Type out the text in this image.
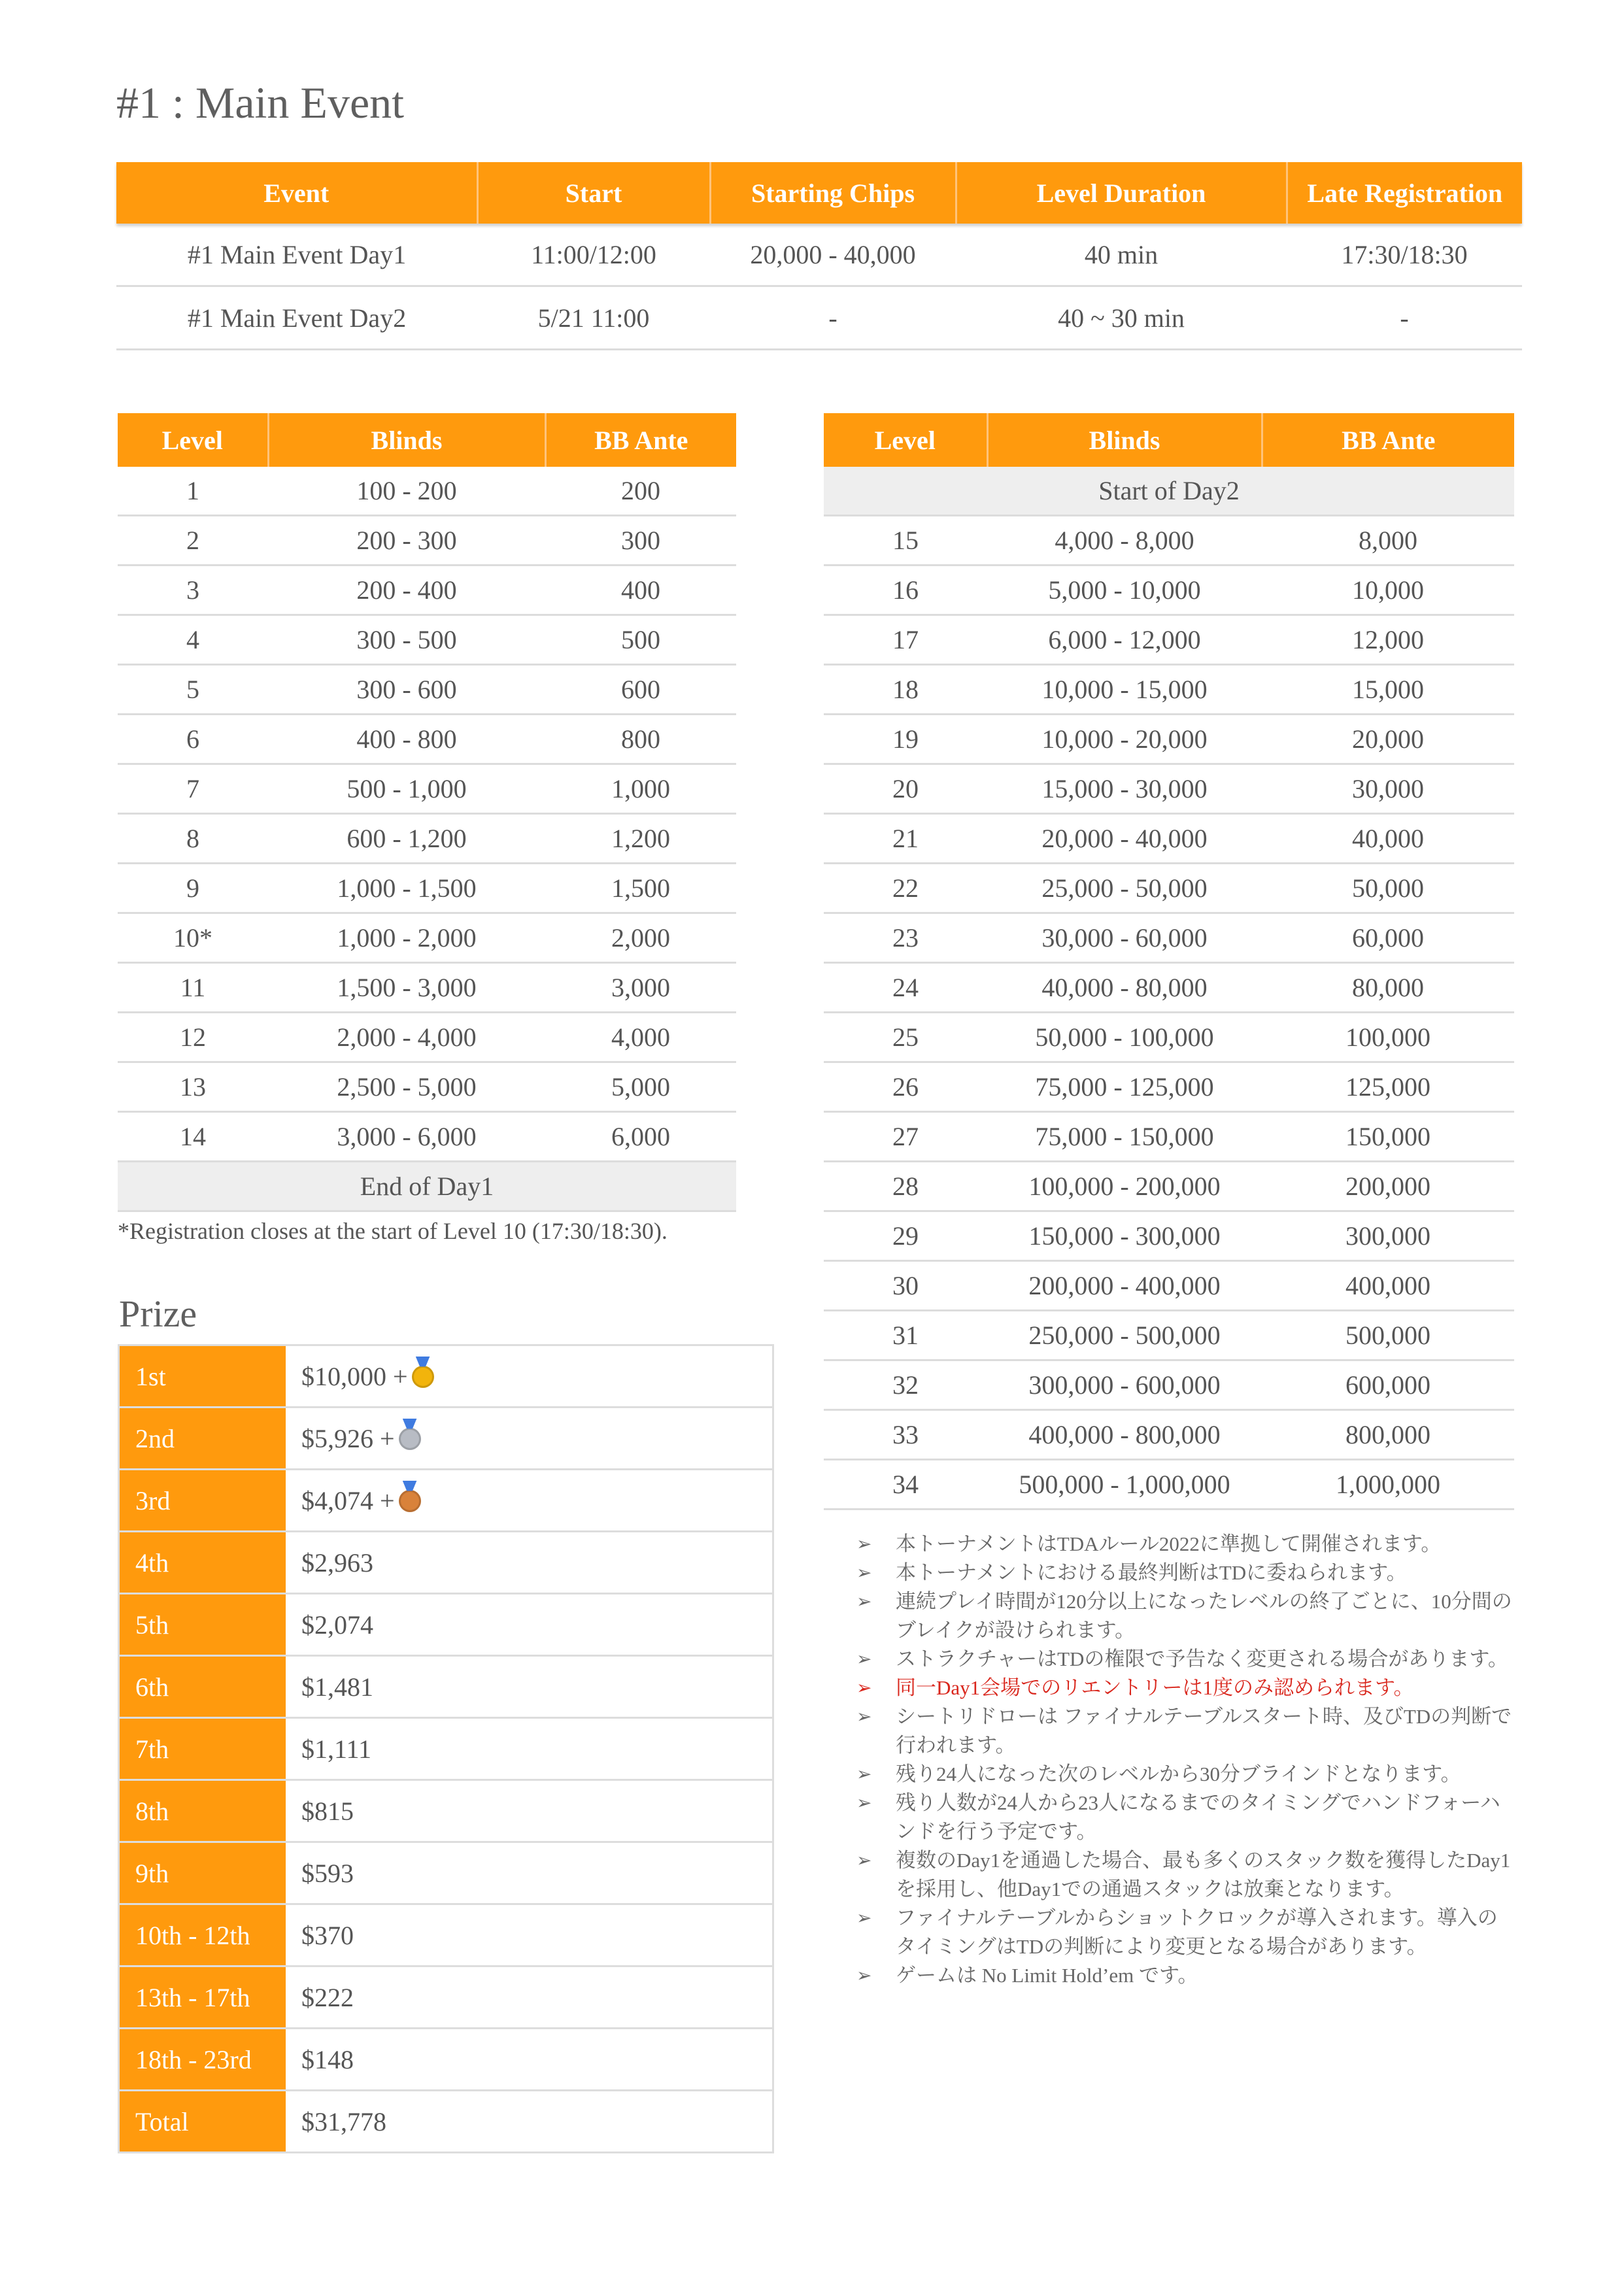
#1 : Main Event
Event	Start	Starting Chips	Level Duration	Late Registration
#1 Main Event Day1	11:00/12:00	20,000 - 40,000	40 min	17:30/18:30
#1 Main Event Day2	5/21 11:00	-	40 ~ 30 min	-
Level	Blinds	BB Ante
1	100 - 200	200
2	200 - 300	300
3	200 - 400	400
4	300 - 500	500
5	300 - 600	600
6	400 - 800	800
7	500 - 1,000	1,000
8	600 - 1,200	1,200
9	1,000 - 1,500	1,500
10*	1,000 - 2,000	2,000
11	1,500 - 3,000	3,000
12	2,000 - 4,000	4,000
13	2,500 - 5,000	5,000
14	3,000 - 6,000	6,000
End of Day1		
*Registration closes at the start of Level 10 (17:30/18:30).
Level	Blinds	BB Ante
Start of Day2		
15	4,000 - 8,000	8,000
16	5,000 - 10,000	10,000
17	6,000 - 12,000	12,000
18	10,000 - 15,000	15,000
19	10,000 - 20,000	20,000
20	15,000 - 30,000	30,000
21	20,000 - 40,000	40,000
22	25,000 - 50,000	50,000
23	30,000 - 60,000	60,000
24	40,000 - 80,000	80,000
25	50,000 - 100,000	100,000
26	75,000 - 125,000	125,000
27	75,000 - 150,000	150,000
28	100,000 - 200,000	200,000
29	150,000 - 300,000	300,000
30	200,000 - 400,000	400,000
31	250,000 - 500,000	500,000
32	300,000 - 600,000	600,000
33	400,000 - 800,000	800,000
34	500,000 - 1,000,000	1,000,000
Prize
1st	$10,000 +
2nd	$5,926 +
3rd	$4,074 +
4th	$2,963
5th	$2,074
6th	$1,481
7th	$1,111
8th	$815
9th	$593
10th - 12th	$370
13th - 17th	$222
18th - 23rd	$148
Total	$31,778
➢ 本トーナメントはTDAルール2022に準拠して開催されます。
➢ 本トーナメントにおける最終判断はTDに委ねられます。
➢ 連続プレイ時間が120分以上になったレベルの終了ごとに、10分間のブレイクが設けられます。
➢ ストラクチャーはTDの権限で予告なく変更される場合があります。
➢ 同一Day1会場でのリエントリーは1度のみ認められます。
➢ シートリドローは ファイナルテーブルスタート時、及びTDの判断で行われます。
➢ 残り24人になった次のレベルから30分ブラインドとなります。
➢ 残り人数が24人から23人になるまでのタイミングでハンドフォーハンドを行う予定です。
➢ 複数のDay1を通過した場合、最も多くのスタック数を獲得したDay1を採用し、他Day1での通過スタックは放棄となります。
➢ ファイナルテーブルからショットクロックが導入されます。導入のタイミングはTDの判断により変更となる場合があります。
➢ ゲームは No Limit Hold’em です。
